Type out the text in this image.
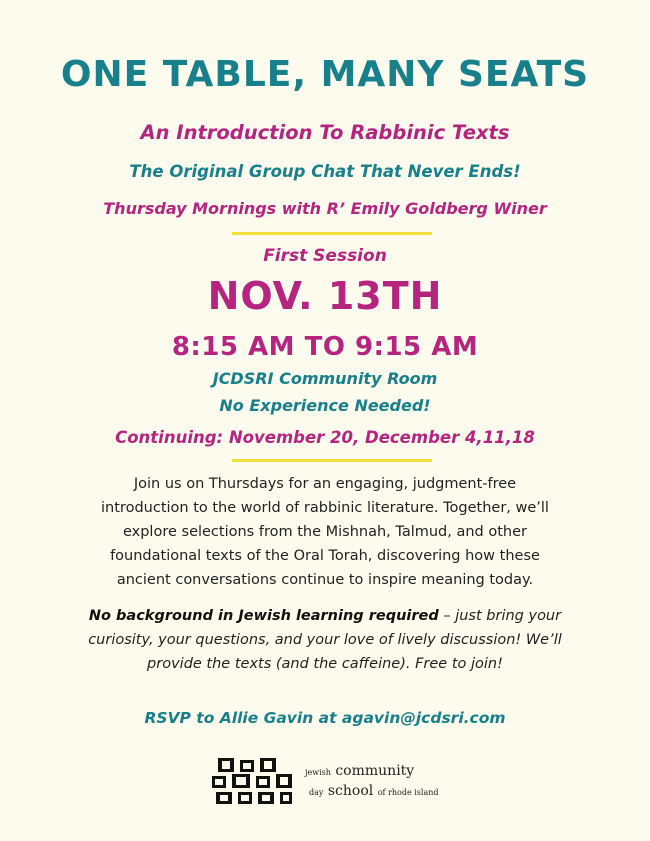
ONE TABLE, MANY SEATS
An Introduction To Rabbinic Texts
The Original Group Chat That Never Ends!
Thursday Mornings with R’ Emily Goldberg Winer
First Session
NOV. 13TH
8:15 AM TO 9:15 AM
JCDSRI Community Room
No Experience Needed!
Continuing: November 20, December 4,11,18
Join us on Thursdays for an engaging, judgment-free
introduction to the world of rabbinic literature. Together, we’ll
explore selections from the Mishnah, Talmud, and other
foundational texts of the Oral Torah, discovering how these
ancient conversations continue to inspire meaning today.
No background in Jewish learning required – just bring your
curiosity, your questions, and your love of lively discussion! We’ll
provide the texts (and the caffeine). Free to join!
RSVP to Allie Gavin at agavin@jcdsri.com
jewish community
day school of rhode island
